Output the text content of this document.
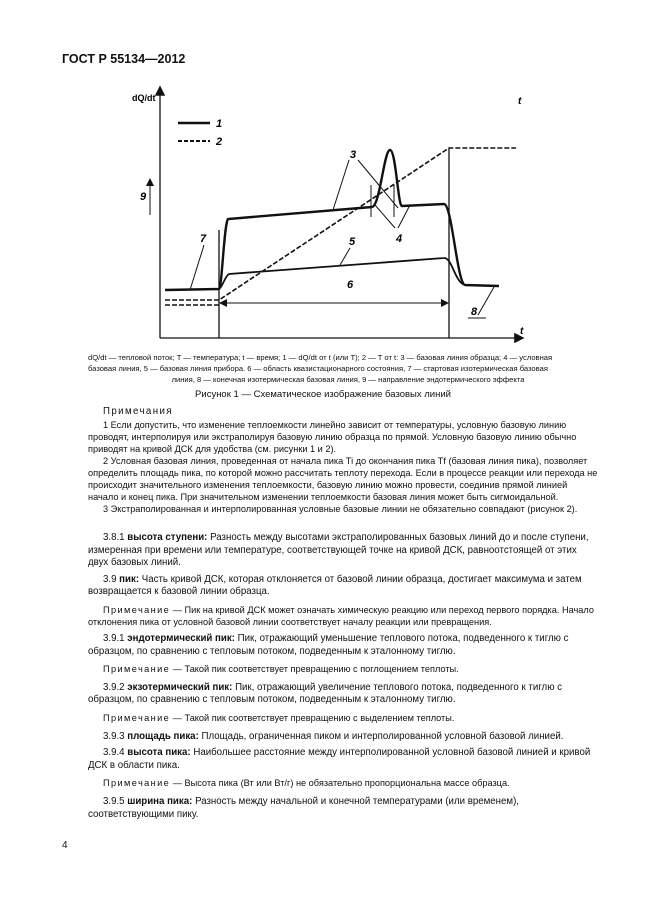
ГОСТ Р 55134—2012
dQ/dt	t
t
1
2
9
3
4
5
6
7
8
dQ/dt — тепловой поток; T — температура; t — время; 1 — dQ/dt от t (или T); 2 — T от t: 3 — базовая линия образца; 4 — условная
базовая линия, 5 — базовая линия прибора. 6 — область квазистационарного состояния, 7 — стартовая изотермическая базовая
линия, 8 — конечная изотермическая базовая линия, 9 — направление эндотермического эффекта
Рисунок 1 — Схематическое изображение базовых линий

Примечания

1 Если допустить, что изменение теплоемкости линейно зависит от температуры, условную базовую линию проводят, интерполируя или экстраполируя базовую линию образца по прямой. Условную базовую линию обычно приводят на кривой ДСК для удобства (см. рисунки 1 и 2).

2 Условная базовая линия, проведенная от начала пика Ti до окончания пика Tf (базовая линия пика), позволяет определить площадь пика, по которой можно рассчитать теплоту перехода. Если в процессе реакции или перехода не происходит значительного изменения теплоемкости, базовую линию можно провести, соединив прямой линией начало и конец пика. При значительном изменении теплоемкости базовая линия может быть сигмоидальной.

3 Экстраполированная и интерполированная условные базовые линии не обязательно совпадают (рисунок 2).

3.8.1 высота ступени: Разность между высотами экстраполированных базовых линий до и после ступени, измеренная при времени или температуре, соответствующей точке на кривой ДСК, равноотстоящей от этих двух базовых линий.

3.9 пик: Часть кривой ДСК, которая отклоняется от базовой линии образца, достигает максимума и затем возвращается к базовой линии образца.

Примечание — Пик на кривой ДСК может означать химическую реакцию или переход первого порядка. Начало отклонения пика от условной базовой линии соответствует началу реакции или превращения.

3.9.1 эндотермический пик: Пик, отражающий уменьшение теплового потока, подведенного к тиглю с образцом, по сравнению с тепловым потоком, подведенным к эталонному тиглю.

Примечание — Такой пик соответствует превращению с поглощением теплоты.

3.9.2 экзотермический пик: Пик, отражающий увеличение теплового потока, подведенного к тиглю с образцом, по сравнению с тепловым потоком, подведенным к эталонному тиглю.

Примечание — Такой пик соответствует превращению с выделением теплоты.

3.9.3 площадь пика: Площадь, ограниченная пиком и интерполированной условной базовой линией.

3.9.4 высота пика: Наибольшее расстояние между интерполированной условной базовой линией и кривой ДСК в области пика.

Примечание — Высота пика (Вт или Вт/г) не обязательно пропорциональна массе образца.

3.9.5 ширина пика: Разность между начальной и конечной температурами (или временем), соответствующими пику.

4
